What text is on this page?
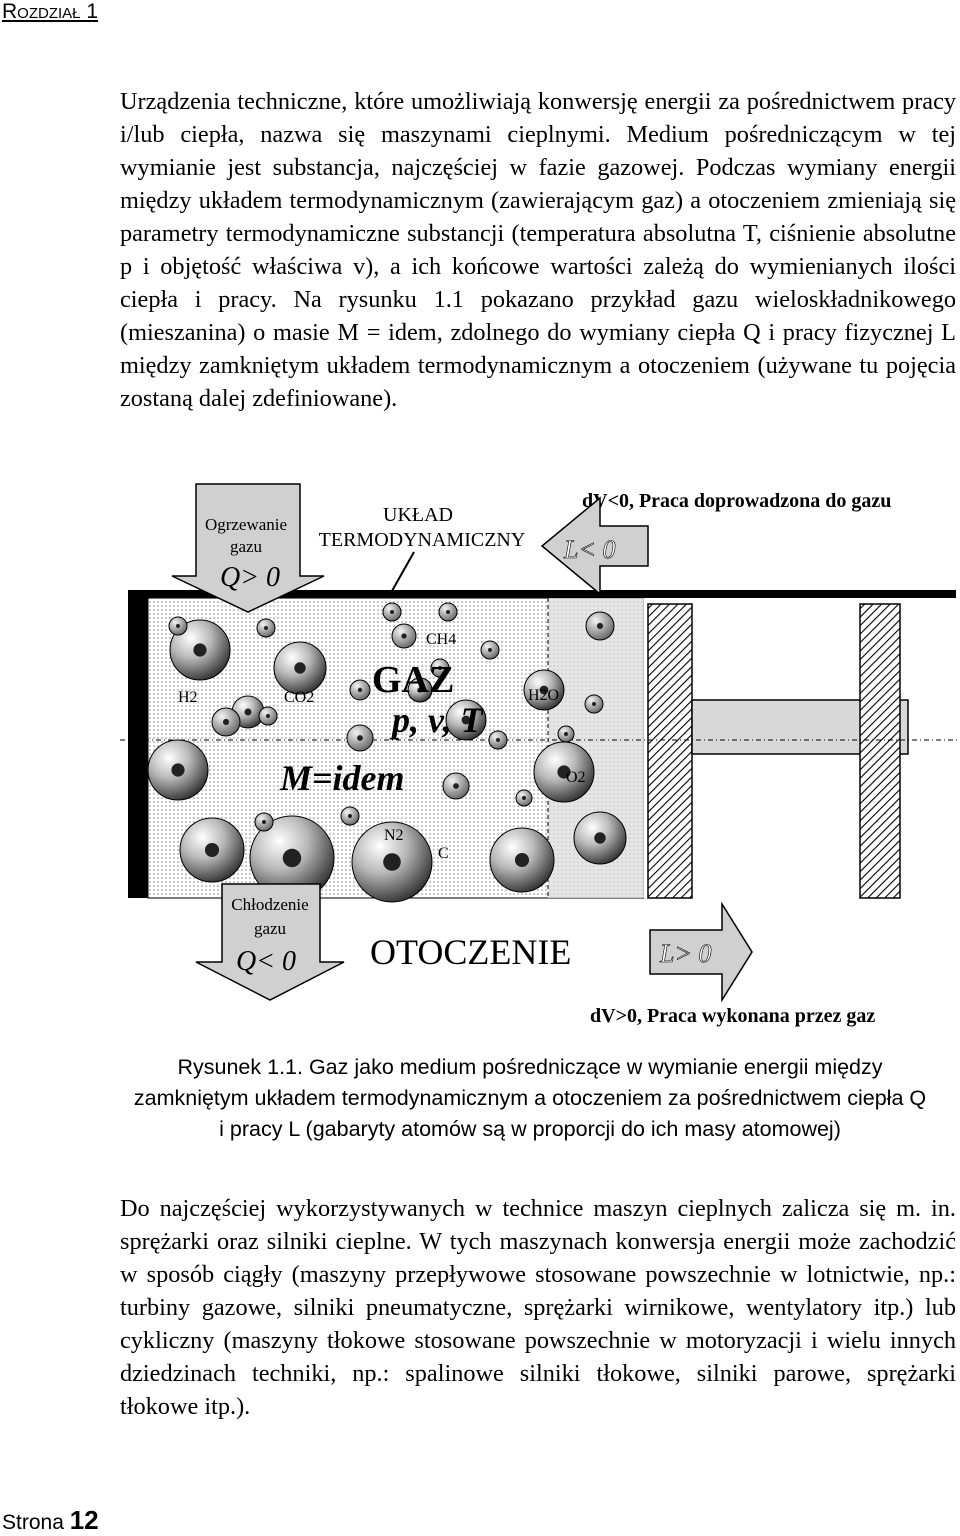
Rozdział 1

Urządzenia techniczne, które umożliwiają konwersję energii za pośrednictwem pracy i/lub ciepła, nazwa się maszynami cieplnymi. Medium pośredniczącym w tej wymianie jest substancja, najczęściej w fazie gazowej. Podczas wymiany energii między układem termodynamicznym (zawierającym gaz) a otoczeniem zmieniają się parametry termodynamiczne substancji (temperatura absolutna T, ciśnienie absolutne p i objętość właściwa v), a ich końcowe wartości zależą do wymienianych ilości ciepła i pracy. Na rysunku 1.1 pokazano przykład gazu wieloskładnikowego (mieszanina) o masie M = idem, zdolnego do wymiany ciepła Q i pracy fizycznej L między zamkniętym układem termodynamicznym a otoczeniem (używane tu pojęcia zostaną dalej zdefiniowane).

Ogrzewanie
gazu
Q> 0
UKŁAD
TERMODYNAMICZNY
dV<0, Praca doprowadzona do gazu
L< 0
GAZ
p, v, T
M=idem
H2	CO2
CH4
H2O
O2
N2
C
Chłodzenie
gazu
Q< 0 OTOCZENIE	L> 0
dV>0, Praca wykonana przez gaz

Rysunek 1.1. Gaz jako medium pośredniczące w wymianie energii między zamkniętym układem termodynamicznym a otoczeniem za pośrednictwem ciepła Q i pracy L (gabaryty atomów są w proporcji do ich masy atomowej)

Do najczęściej wykorzystywanych w technice maszyn cieplnych zalicza się m. in. sprężarki oraz silniki cieplne. W tych maszynach konwersja energii może zachodzić w sposób ciągły (maszyny przepływowe stosowane powszechnie w lotnictwie, np.: turbiny gazowe, silniki pneumatyczne, sprężarki wirnikowe, wentylatory itp.) lub cykliczny (maszyny tłokowe stosowane powszechnie w motoryzacji i wielu innych dziedzinach techniki, np.: spalinowe silniki tłokowe, silniki parowe, sprężarki tłokowe itp.).

Strona 12
